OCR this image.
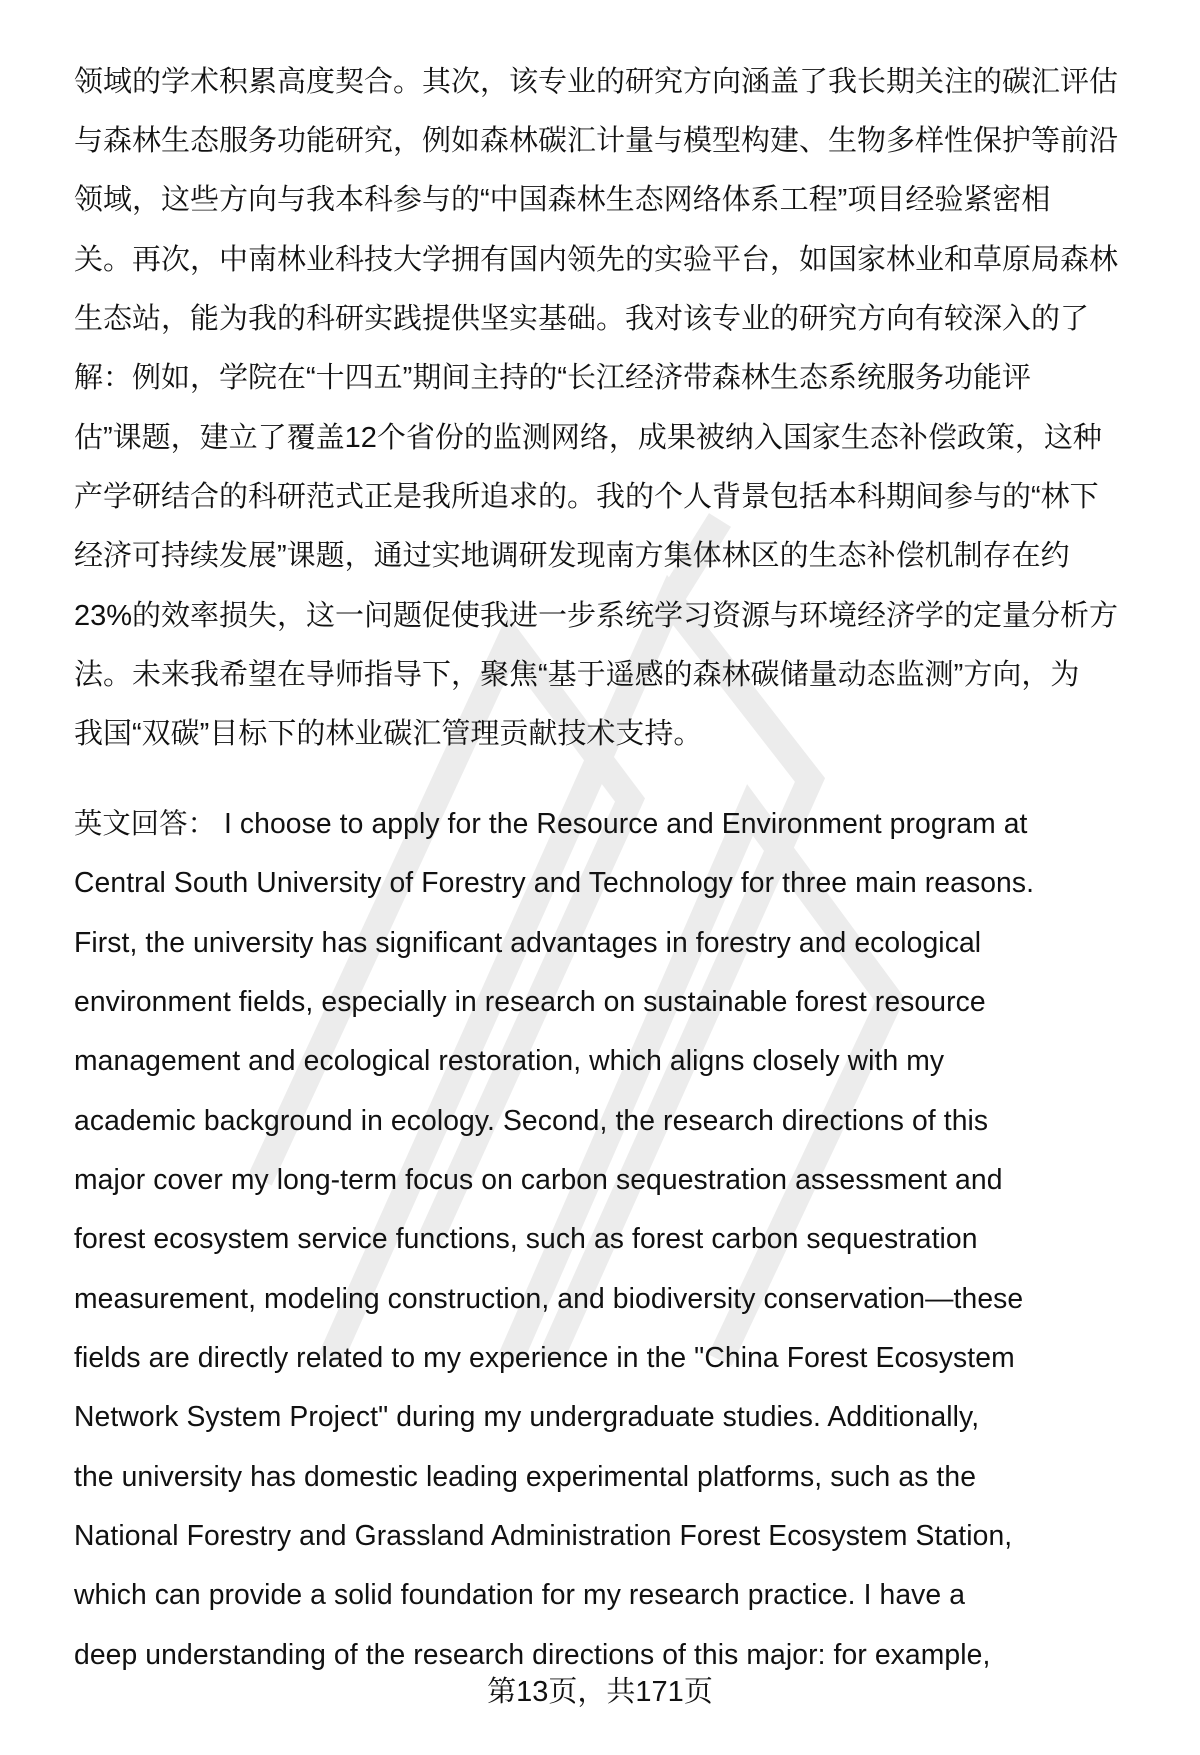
领域的学术积累高度契合。其次，该专业的研究方向涵盖了我长期关注的碳汇评估
与森林生态服务功能研究，例如森林碳汇计量与模型构建、生物多样性保护等前沿
领域，这些方向与我本科参与的“中国森林生态网络体系工程”项目经验紧密相
关。再次，中南林业科技大学拥有国内领先的实验平台，如国家林业和草原局森林
生态站，能为我的科研实践提供坚实基础。我对该专业的研究方向有较深入的了
解：例如，学院在“十四五”期间主持的“长江经济带森林生态系统服务功能评
估”课题，建立了覆盖12个省份的监测网络，成果被纳入国家生态补偿政策，这种
产学研结合的科研范式正是我所追求的。我的个人背景包括本科期间参与的“林下
经济可持续发展”课题，通过实地调研发现南方集体林区的生态补偿机制存在约
23%的效率损失，这一问题促使我进一步系统学习资源与环境经济学的定量分析方
法。未来我希望在导师指导下，聚焦“基于遥感的森林碳储量动态监测”方向，为
我国“双碳”目标下的林业碳汇管理贡献技术支持。
英文回答： I choose to apply for the Resource and Environment program at
Central South University of Forestry and Technology for three main reasons.
First, the university has significant advantages in forestry and ecological
environment fields, especially in research on sustainable forest resource
management and ecological restoration, which aligns closely with my
academic background in ecology. Second, the research directions of this
major cover my long-term focus on carbon sequestration assessment and
forest ecosystem service functions, such as forest carbon sequestration
measurement, modeling construction, and biodiversity conservation—these
fields are directly related to my experience in the "China Forest Ecosystem
Network System Project" during my undergraduate studies. Additionally,
the university has domestic leading experimental platforms, such as the
National Forestry and Grassland Administration Forest Ecosystem Station,
which can provide a solid foundation for my research practice. I have a
deep understanding of the research directions of this major: for example,
第13页，共171页
